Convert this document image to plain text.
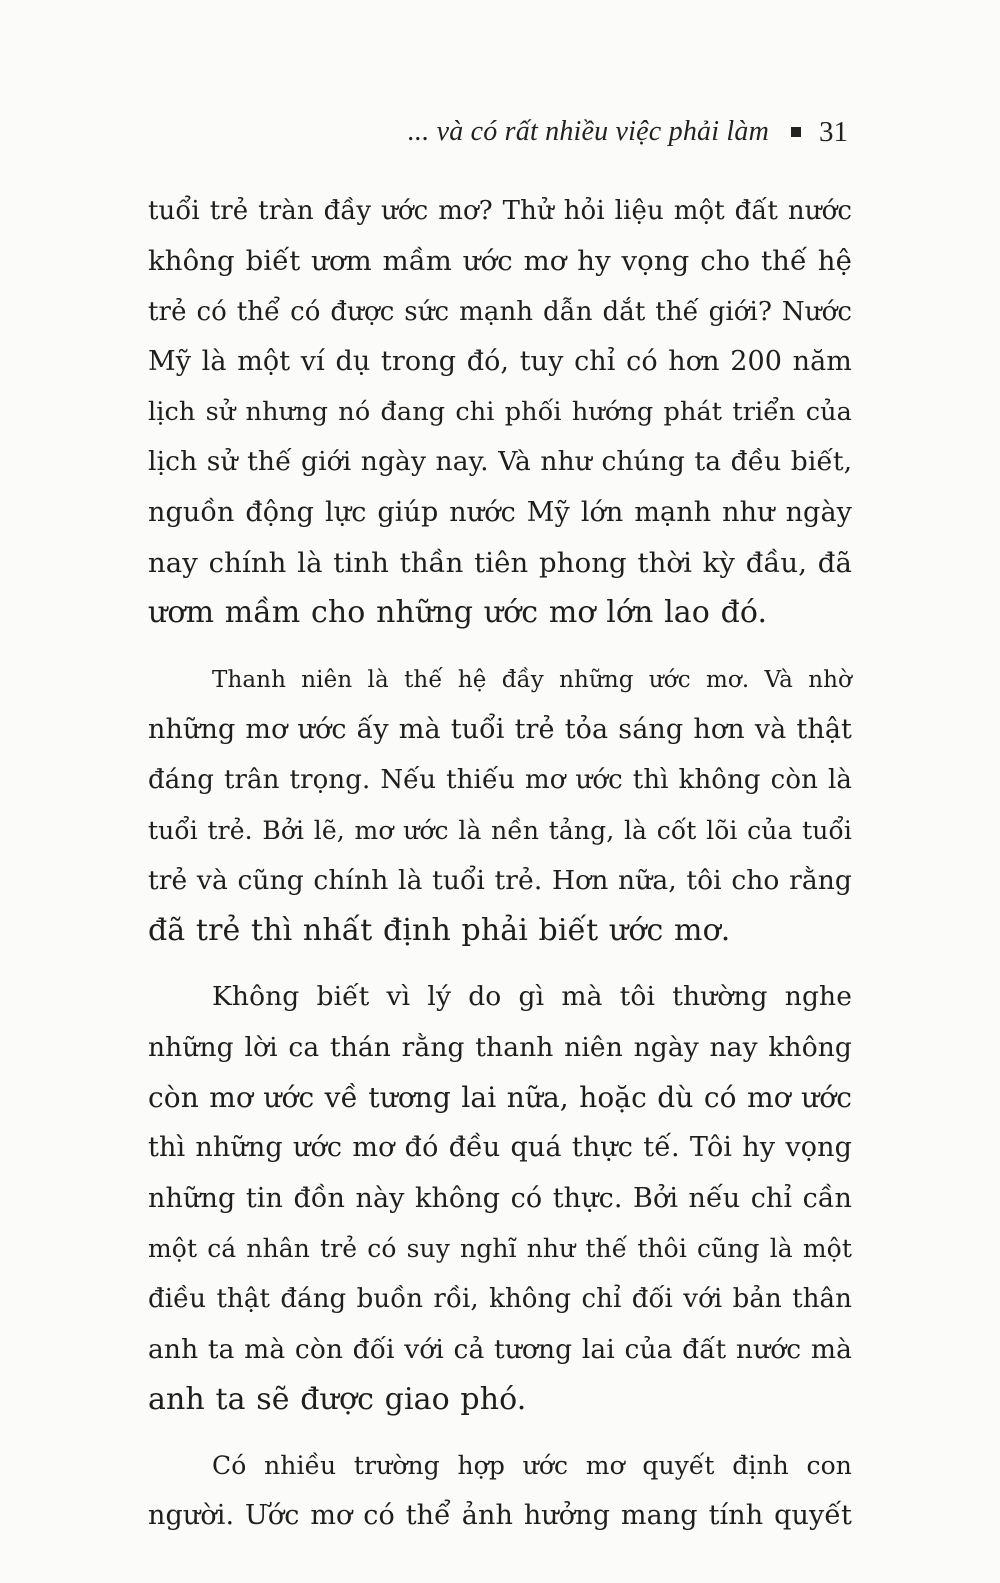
... và có rất nhiều việc phải làm 31

tuổi trẻ tràn đầy ước mơ? Thử hỏi liệu một đất nước
không biết ươm mầm ước mơ hy vọng cho thế hệ
trẻ có thể có được sức mạnh dẫn dắt thế giới? Nước
Mỹ là một ví dụ trong đó, tuy chỉ có hơn 200 năm
lịch sử nhưng nó đang chi phối hướng phát triển của
lịch sử thế giới ngày nay. Và như chúng ta đều biết,
nguồn động lực giúp nước Mỹ lớn mạnh như ngày
nay chính là tinh thần tiên phong thời kỳ đầu, đã
ươm mầm cho những ước mơ lớn lao đó.

Thanh niên là thế hệ đầy những ước mơ. Và nhờ
những mơ ước ấy mà tuổi trẻ tỏa sáng hơn và thật
đáng trân trọng. Nếu thiếu mơ ước thì không còn là
tuổi trẻ. Bởi lẽ, mơ ước là nền tảng, là cốt lõi của tuổi
trẻ và cũng chính là tuổi trẻ. Hơn nữa, tôi cho rằng
đã trẻ thì nhất định phải biết ước mơ.

Không biết vì lý do gì mà tôi thường nghe
những lời ca thán rằng thanh niên ngày nay không
còn mơ ước về tương lai nữa, hoặc dù có mơ ước
thì những ước mơ đó đều quá thực tế. Tôi hy vọng
những tin đồn này không có thực. Bởi nếu chỉ cần
một cá nhân trẻ có suy nghĩ như thế thôi cũng là một
điều thật đáng buồn rồi, không chỉ đối với bản thân
anh ta mà còn đối với cả tương lai của đất nước mà
anh ta sẽ được giao phó.

Có nhiều trường hợp ước mơ quyết định con
người. Ước mơ có thể ảnh hưởng mang tính quyết
